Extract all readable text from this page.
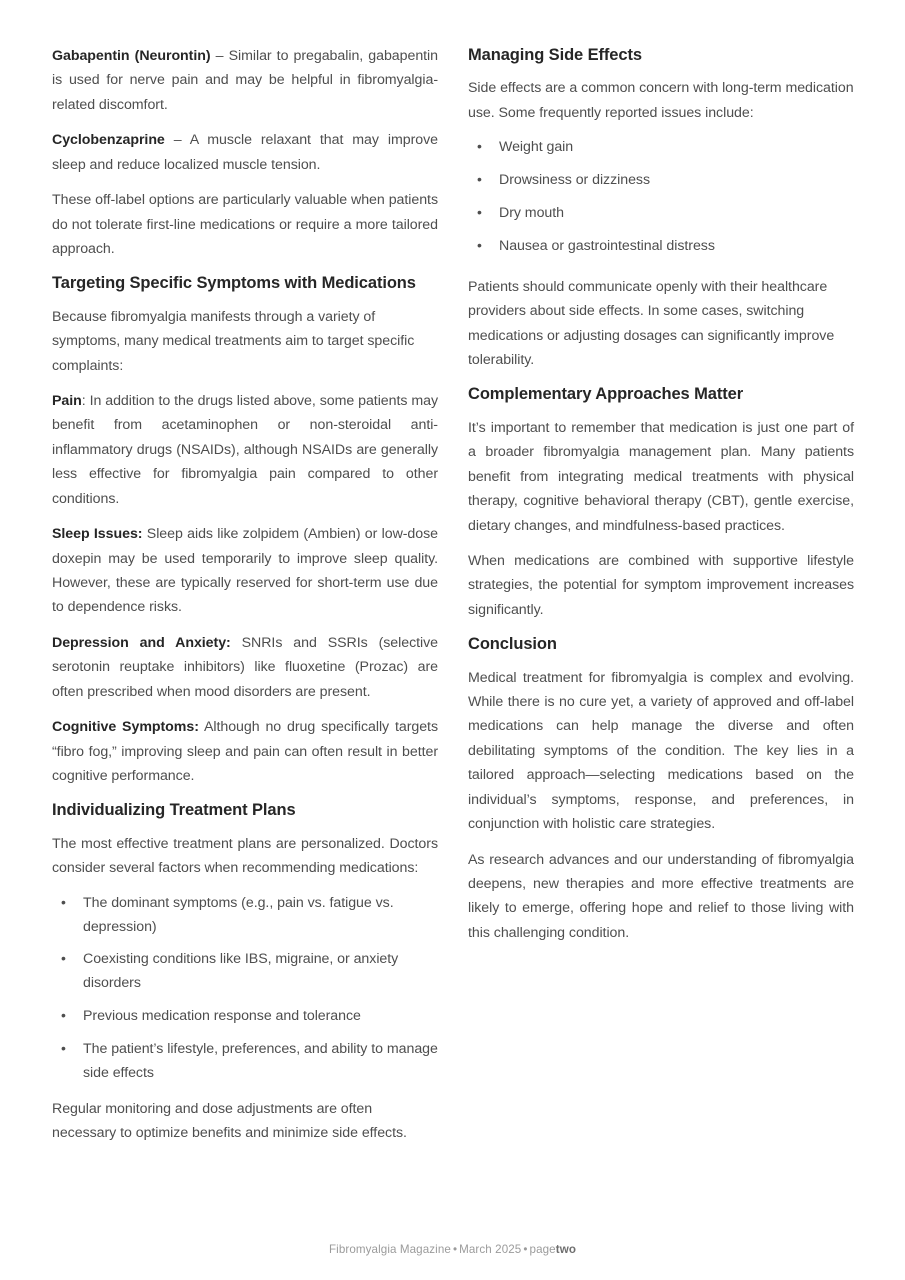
Gabapentin (Neurontin) – Similar to pregabalin, gabapentin is used for nerve pain and may be helpful in fibromyalgia-related discomfort.

Cyclobenzaprine – A muscle relaxant that may improve sleep and reduce localized muscle tension.

These off-label options are particularly valuable when patients do not tolerate first-line medications or require a more tailored approach.

Targeting Specific Symptoms with Medications

Because fibromyalgia manifests through a variety of symptoms, many medical treatments aim to target specific complaints:

Pain: In addition to the drugs listed above, some patients may benefit from acetaminophen or non-steroidal anti-inflammatory drugs (NSAIDs), although NSAIDs are generally less effective for fibromyalgia pain compared to other conditions.

Sleep Issues: Sleep aids like zolpidem (Ambien) or low-dose doxepin may be used temporarily to improve sleep quality. However, these are typically reserved for short-term use due to dependence risks.

Depression and Anxiety: SNRIs and SSRIs (selective serotonin reuptake inhibitors) like fluoxetine (Prozac) are often prescribed when mood disorders are present.

Cognitive Symptoms: Although no drug specifically targets “fibro fog,” improving sleep and pain can often result in better cognitive performance.

Individualizing Treatment Plans

The most effective treatment plans are personalized. Doctors consider several factors when recommending medications:

• The dominant symptoms (e.g., pain vs. fatigue vs. depression)
• Coexisting conditions like IBS, migraine, or anxiety disorders
• Previous medication response and tolerance
• The patient’s lifestyle, preferences, and ability to manage side effects

Regular monitoring and dose adjustments are often necessary to optimize benefits and minimize side effects.

Managing Side Effects

Side effects are a common concern with long-term medication use. Some frequently reported issues include:

• Weight gain
• Drowsiness or dizziness
• Dry mouth
• Nausea or gastrointestinal distress

Patients should communicate openly with their healthcare providers about side effects. In some cases, switching medications or adjusting dosages can significantly improve tolerability.

Complementary Approaches Matter

It’s important to remember that medication is just one part of a broader fibromyalgia management plan. Many patients benefit from integrating medical treatments with physical therapy, cognitive behavioral therapy (CBT), gentle exercise, dietary changes, and mindfulness-based practices.

When medications are combined with supportive lifestyle strategies, the potential for symptom improvement increases significantly.

Conclusion

Medical treatment for fibromyalgia is complex and evolving. While there is no cure yet, a variety of approved and off-label medications can help manage the diverse and often debilitating symptoms of the condition. The key lies in a tailored approach—selecting medications based on the individual’s symptoms, response, and preferences, in conjunction with holistic care strategies.

As research advances and our understanding of fibromyalgia deepens, new therapies and more effective treatments are likely to emerge, offering hope and relief to those living with this challenging condition.

Fibromyalgia Magazine • March 2025 • pagetwo
